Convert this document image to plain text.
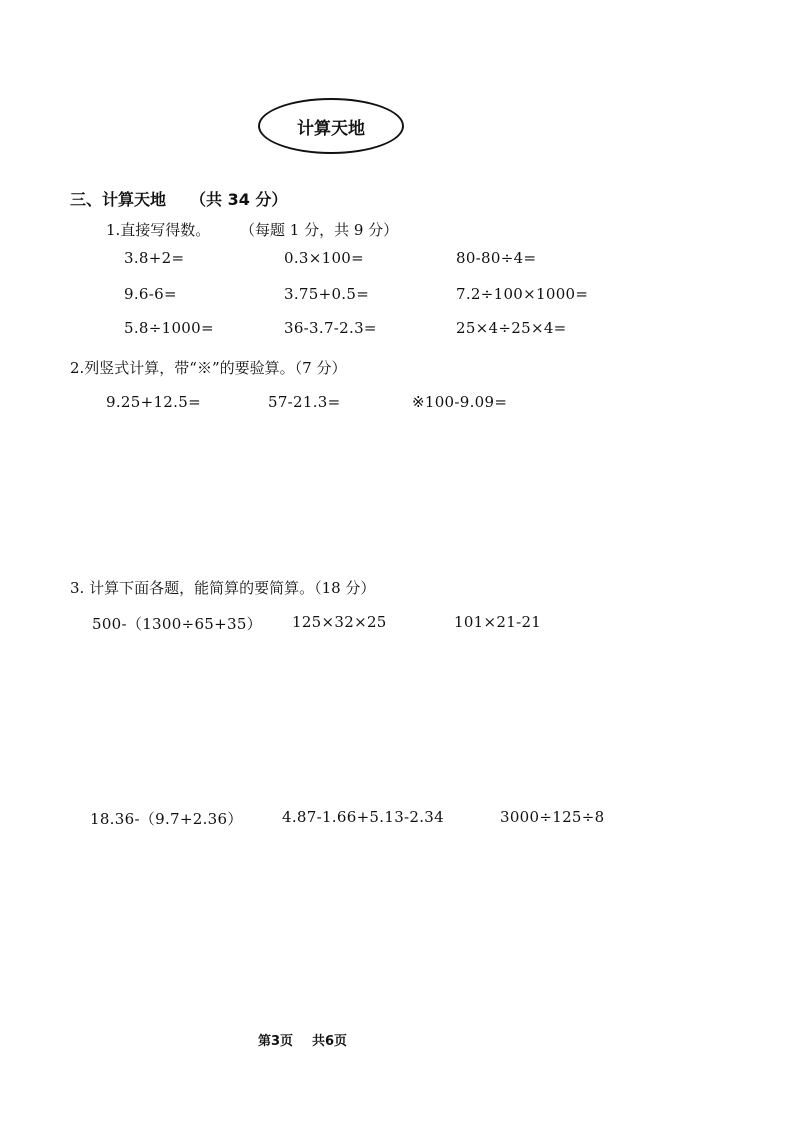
计算天地
三、计算天地 （共 34 分）
1.直接写得数。 （每题 1 分，共 9 分）
3.8+2=	0.3×100=	80-80÷4=
9.6-6=	3.75+0.5=	7.2÷100×1000=
5.8÷1000=	36-3.7-2.3=	25×4÷25×4=
2.列竖式计算，带“※”的要验算。（7 分）
9.25+12.5=	57-21.3=	※100-9.09=
3. 计算下面各题，能简算的要简算。（18 分）
500-（1300÷65+35） 125×32×25	101×21-21
18.36-（9.7+2.36）	4.87-1.66+5.13-2.34	3000÷125÷8
第3页 共6页
